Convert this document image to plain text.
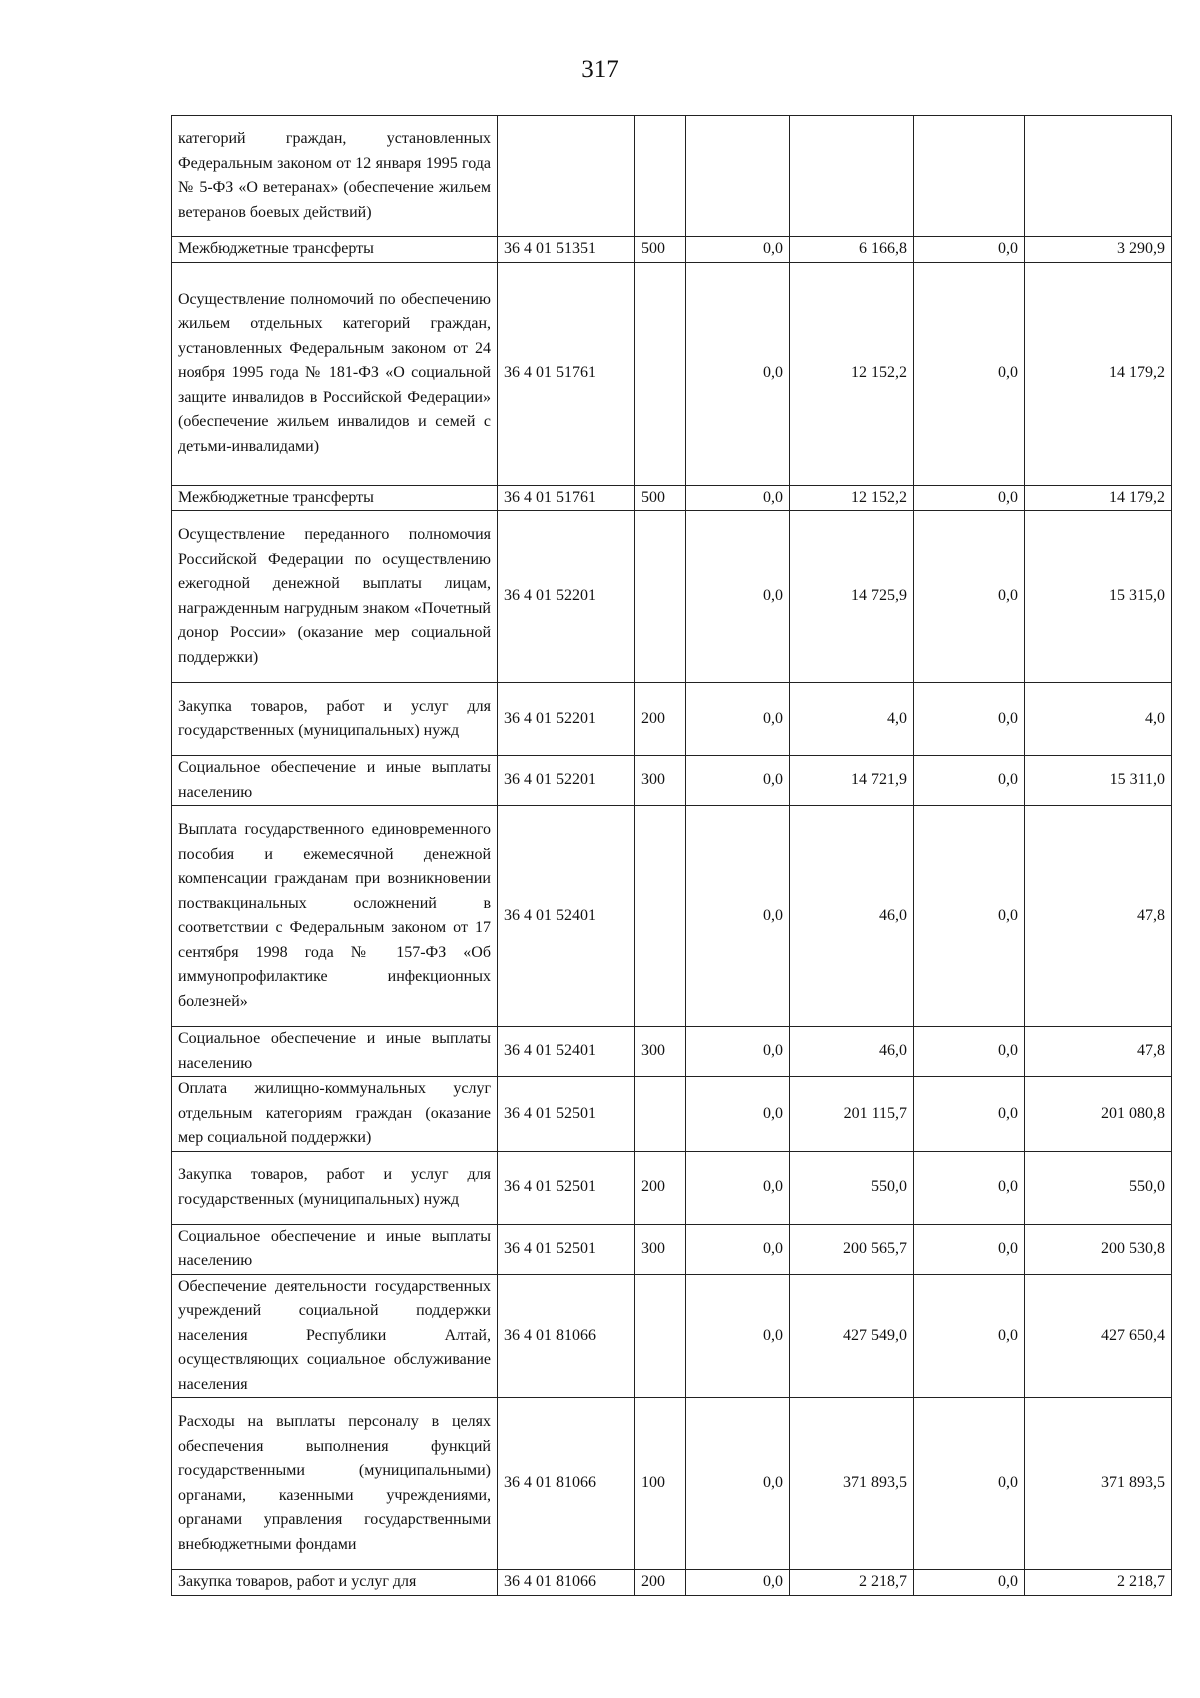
317
категорий граждан, установленных Федеральным законом от 12 января 1995 года № 5-ФЗ «О ветеранах» (обеспечение жильем ветеранов боевых действий)						
Межбюджетные трансферты	36 4 01 51351	500	0,0	6 166,8	0,0	3 290,9
Осуществление полномочий по обеспечению жильем отдельных категорий граждан, установленных Федеральным законом от 24 ноября 1995 года № 181-ФЗ «О социальной защите инвалидов в Российской Федерации» (обеспечение жильем инвалидов и семей с детьми-инвалидами)	36 4 01 51761		0,0	12 152,2	0,0	14 179,2
Межбюджетные трансферты	36 4 01 51761	500	0,0	12 152,2	0,0	14 179,2
Осуществление переданного полномочия Российской Федерации по осуществлению ежегодной денежной выплаты лицам, награжденным нагрудным знаком «Почетный донор России» (оказание мер социальной поддержки)	36 4 01 52201		0,0	14 725,9	0,0	15 315,0
Закупка товаров, работ и услуг для государственных (муниципальных) нужд	36 4 01 52201	200	0,0	4,0	0,0	4,0
Социальное обеспечение и иные выплаты населению	36 4 01 52201	300	0,0	14 721,9	0,0	15 311,0
Выплата государственного единовременного пособия и ежемесячной денежной компенсации гражданам при возникновении поствакцинальных осложнений в соответствии с Федеральным законом от 17 сентября 1998 года № 157-ФЗ «Об иммунопрофилактике инфекционных болезней»	36 4 01 52401		0,0	46,0	0,0	47,8
Социальное обеспечение и иные выплаты населению	36 4 01 52401	300	0,0	46,0	0,0	47,8
Оплата жилищно-коммунальных услуг отдельным категориям граждан (оказание мер социальной поддержки)	36 4 01 52501		0,0	201 115,7	0,0	201 080,8
Закупка товаров, работ и услуг для государственных (муниципальных) нужд	36 4 01 52501	200	0,0	550,0	0,0	550,0
Социальное обеспечение и иные выплаты населению	36 4 01 52501	300	0,0	200 565,7	0,0	200 530,8
Обеспечение деятельности государственных учреждений социальной поддержки населения Республики Алтай, осуществляющих социальное обслуживание населения	36 4 01 81066		0,0	427 549,0	0,0	427 650,4
Расходы на выплаты персоналу в целях обеспечения выполнения функций государственными (муниципальными) органами, казенными учреждениями, органами управления государственными внебюджетными фондами	36 4 01 81066	100	0,0	371 893,5	0,0	371 893,5
Закупка товаров, работ и услуг для	36 4 01 81066	200	0,0	2 218,7	0,0	2 218,7
